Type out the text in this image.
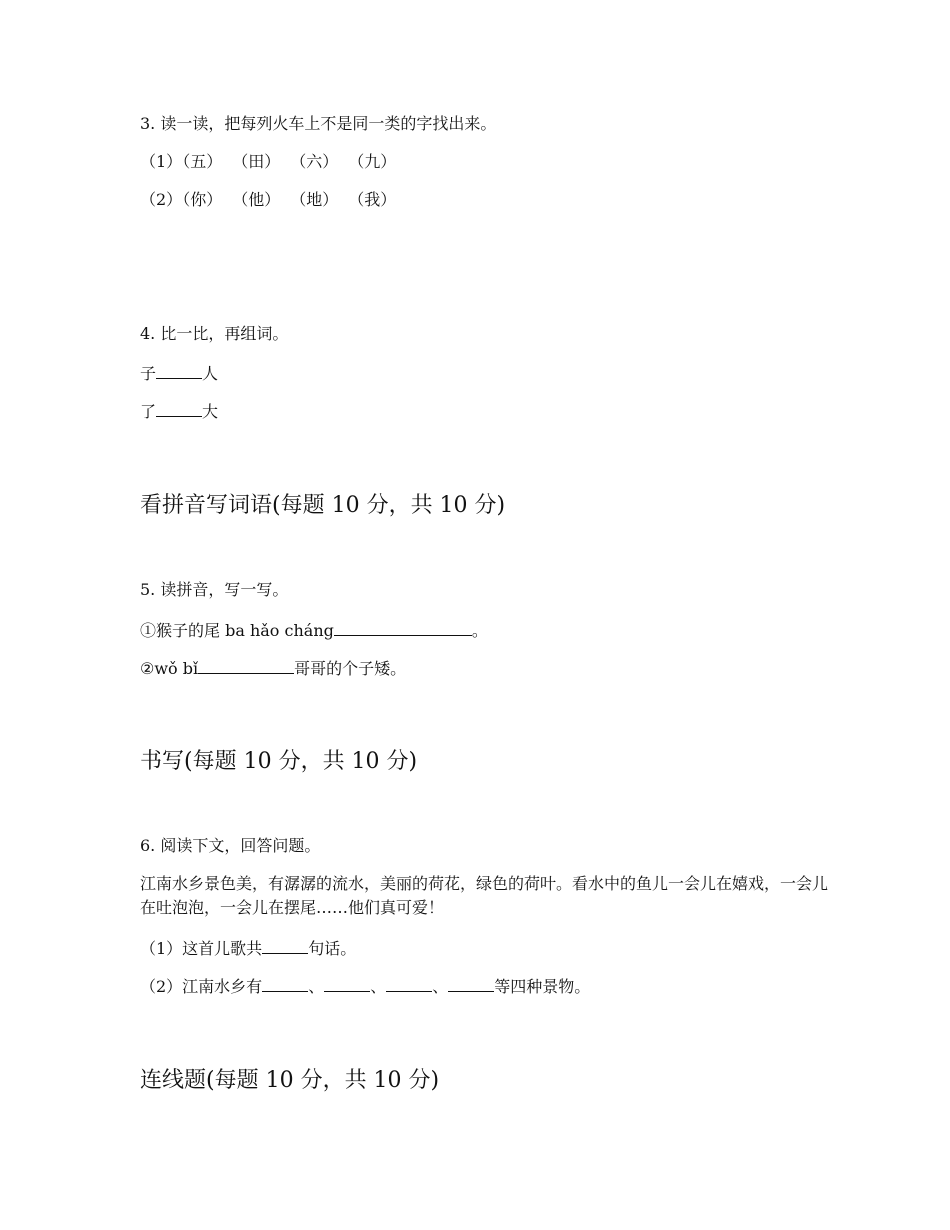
3. 读一读，把每列火车上不是同一类的字找出来。
（1）（五） （田） （六） （九）
（2）（你） （他） （地） （我）
4. 比一比，再组词。
子	人
了	大
看拼音写词语(每题 10 分，共 10 分)
5. 读拼音，写一写。
①猴子的尾 ba hǎo cháng	。
②wǒ bǐ	哥哥的个子矮。
书写(每题 10 分，共 10 分)
6. 阅读下文，回答问题。
江南水乡景色美，有潺潺的流水，美丽的荷花，绿色的荷叶。看水中的鱼儿一会儿在嬉戏，一会儿在吐泡泡，一会儿在摆尾……他们真可爱！
（1）这首儿歌共	句话。
（2）江南水乡有	、	、	、	等四种景物。
连线题(每题 10 分，共 10 分)
